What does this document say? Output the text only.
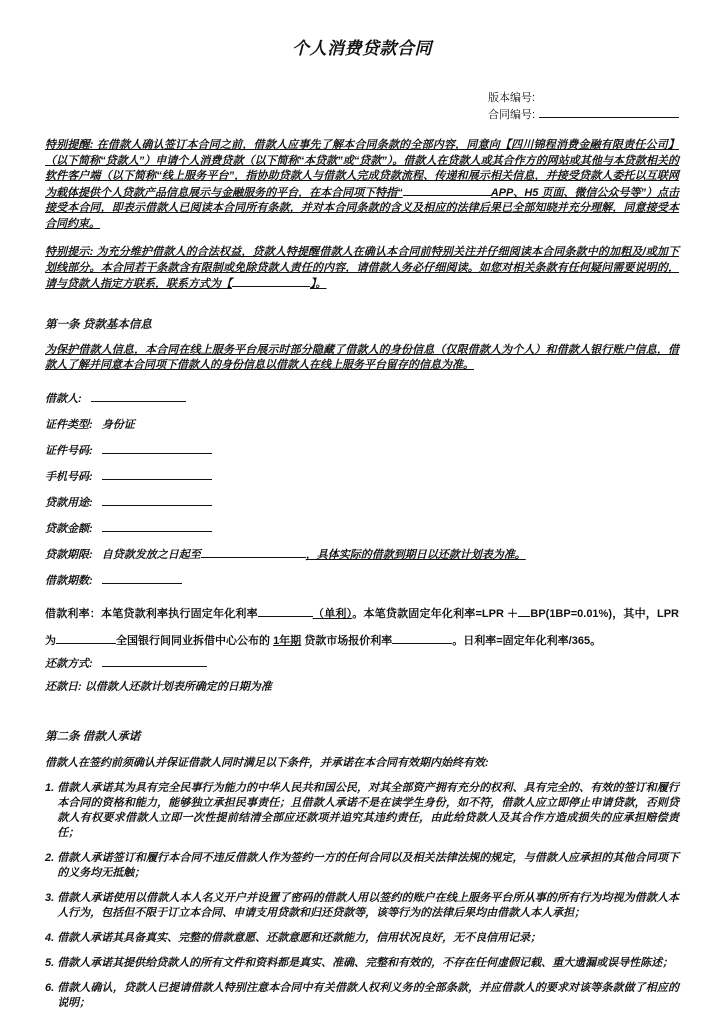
个人消费贷款合同
版本编号:
合同编号:
特别提醒: 在借款人确认签订本合同之前，借款人应事先了解本合同条款的全部内容，同意向【四川锦程消费金融有限责任公司】（以下简称“贷款人”）申请个人消费贷款（以下简称“本贷款”或“贷款”）。借款人在贷款人或其合作方的网站或其他与本贷款相关的软件客户端（以下简称“线上服务平台”，指协助贷款人与借款人完成贷款流程、传递和展示相关信息，并接受贷款人委托以互联网为载体提供个人贷款产品信息展示与金融服务的平台，在本合同项下特指“	APP、H5 页面、微信公众号等”）点击接受本合同，即表示借款人已阅读本合同所有条款，并对本合同条款的含义及相应的法律后果已全部知晓并充分理解，同意接受本合同约束。
特别提示: 为充分维护借款人的合法权益，贷款人特提醒借款人在确认本合同前特别关注并仔细阅读本合同条款中的加粗及/或加下划线部分。本合同若干条款含有限制或免除贷款人责任的内容，请借款人务必仔细阅读。如您对相关条款有任何疑问需要说明的，请与贷款人指定方联系，联系方式为【	】。
第一条 贷款基本信息
为保护借款人信息，本合同在线上服务平台展示时部分隐藏了借款人的身份信息（仅限借款人为个人）和借款人银行账户信息，借款人了解并同意本合同项下借款人的身份信息以借款人在线上服务平台留存的信息为准。
借款人:
证件类型: 身份证
证件号码:
手机号码:
贷款用途:
贷款金额:
贷款期限: 自贷款发放之日起至	，具体实际的借款到期日以还款计划表为准。
借款期数:
借款利率：本笔贷款利率执行固定年化利率	（单利）。本笔贷款固定年化利率=LPR ＋ BP(1BP=0.01%)，其中，LPR为	全国银行间同业拆借中心公布的 1年期 贷款市场报价利率	。日利率=固定年化利率/365。
还款方式:
还款日: 以借款人还款计划表所确定的日期为准
第二条 借款人承诺
借款人在签约前须确认并保证借款人同时满足以下条件，并承诺在本合同有效期内始终有效:
1. 借款人承诺其为具有完全民事行为能力的中华人民共和国公民，对其全部资产拥有充分的权利、具有完全的、有效的签订和履行本合同的资格和能力，能够独立承担民事责任；且借款人承诺不是在读学生身份，如不符，借款人应立即停止申请贷款，否则贷款人有权要求借款人立即一次性提前结清全部应还款项并追究其违约责任，由此给贷款人及其合作方造成损失的应承担赔偿责任；
2. 借款人承诺签订和履行本合同不违反借款人作为签约一方的任何合同以及相关法律法规的规定，与借款人应承担的其他合同项下的义务均无抵触；
3. 借款人承诺使用以借款人本人名义开户并设置了密码的借款人用以签约的账户在线上服务平台所从事的所有行为均视为借款人本人行为，包括但不限于订立本合同、申请支用贷款和归还贷款等，该等行为的法律后果均由借款人本人承担；
4. 借款人承诺其具备真实、完整的借款意愿、还款意愿和还款能力，信用状况良好，无不良信用记录；
5. 借款人承诺其提供给贷款人的所有文件和资料都是真实、准确、完整和有效的，不存在任何虚假记载、重大遗漏或误导性陈述；
6. 借款人确认，贷款人已提请借款人特别注意本合同中有关借款人权利义务的全部条款，并应借款人的要求对该等条款做了相应的说明；
